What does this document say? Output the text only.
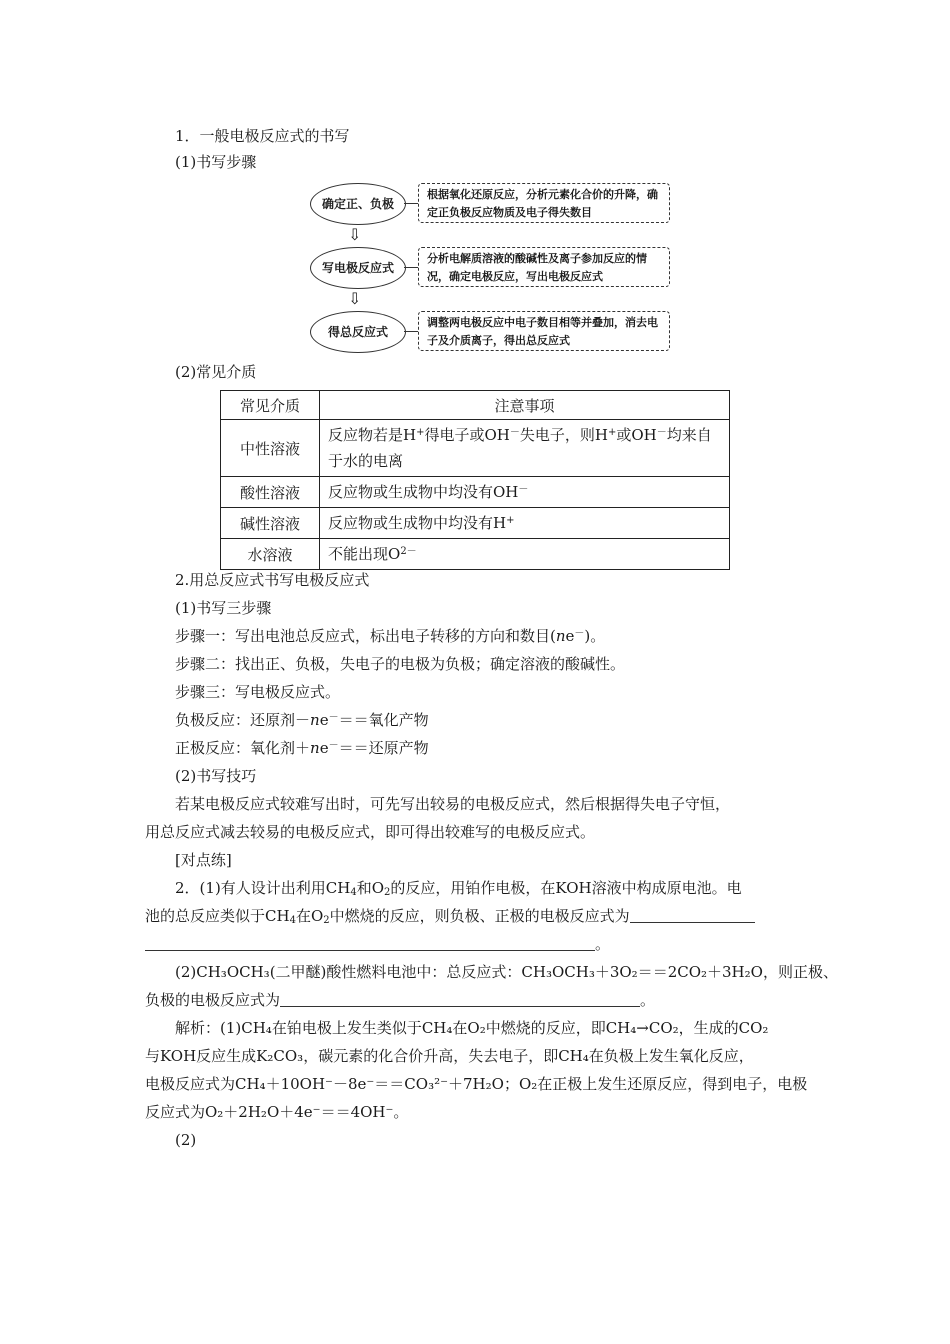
1．一般电极反应式的书写
(1)书写步骤
确定正、负极
根据氧化还原反应，分析元素化合价的升降，确定正负极反应物质及电子得失数目
⇩
写电极反应式
分析电解质溶液的酸碱性及离子参加反应的情况，确定电极反应，写出电极反应式
⇩
得总反应式
调整两电极反应中电子数目相等并叠加，消去电子及介质离子，得出总反应式
(2)常见介质
常见介质	注意事项
中性溶液	反应物若是H+得电子或OH－失电子，则H+或OH－均来自于水的电离
酸性溶液	反应物或生成物中均没有OH－
碱性溶液	反应物或生成物中均没有H+
水溶液	不能出现$O^{2-}$
2.用总反应式书写电极反应式
(1)书写三步骤
步骤一：写出电池总反应式，标出电子转移的方向和数目(ne－)。
步骤二：找出正、负极，失电子的电极为负极；确定溶液的酸碱性。
步骤三：写电极反应式。
负极反应：还原剂－ne－＝＝氧化产物
正极反应：氧化剂＋ne－＝＝还原产物
(2)书写技巧
若某电极反应式较难写出时，可先写出较易的电极反应式，然后根据得失电子守恒，
用总反应式减去较易的电极反应式，即可得出较难写的电极反应式。
[对点练]
2．(1)有人设计出利用$CH_4$和$O_2$的反应，用铂作电极，在KOH溶液中构成原电池。电
池的总反应类似于$CH_4$在$O_2$中燃烧的反应，则负极、正极的电极反应式为
。
(2)CH₃OCH₃(二甲醚)酸性燃料电池中：总反应式：CH₃OCH₃＋3O₂＝＝2CO₂＋3H₂O，则正极、
负极的电极反应式为	。
解析：(1)CH₄在铂电极上发生类似于CH₄在O₂中燃烧的反应，即CH₄→CO₂，生成的CO₂
与KOH反应生成K₂CO₃，碳元素的化合价升高，失去电子，即CH₄在负极上发生氧化反应，
电极反应式为CH₄＋10OH⁻－8e⁻＝＝CO₃²⁻＋7H₂O；O₂在正极上发生还原反应，得到电子，电极
反应式为O₂＋2H₂O＋4e⁻＝＝4OH⁻。
(2)
